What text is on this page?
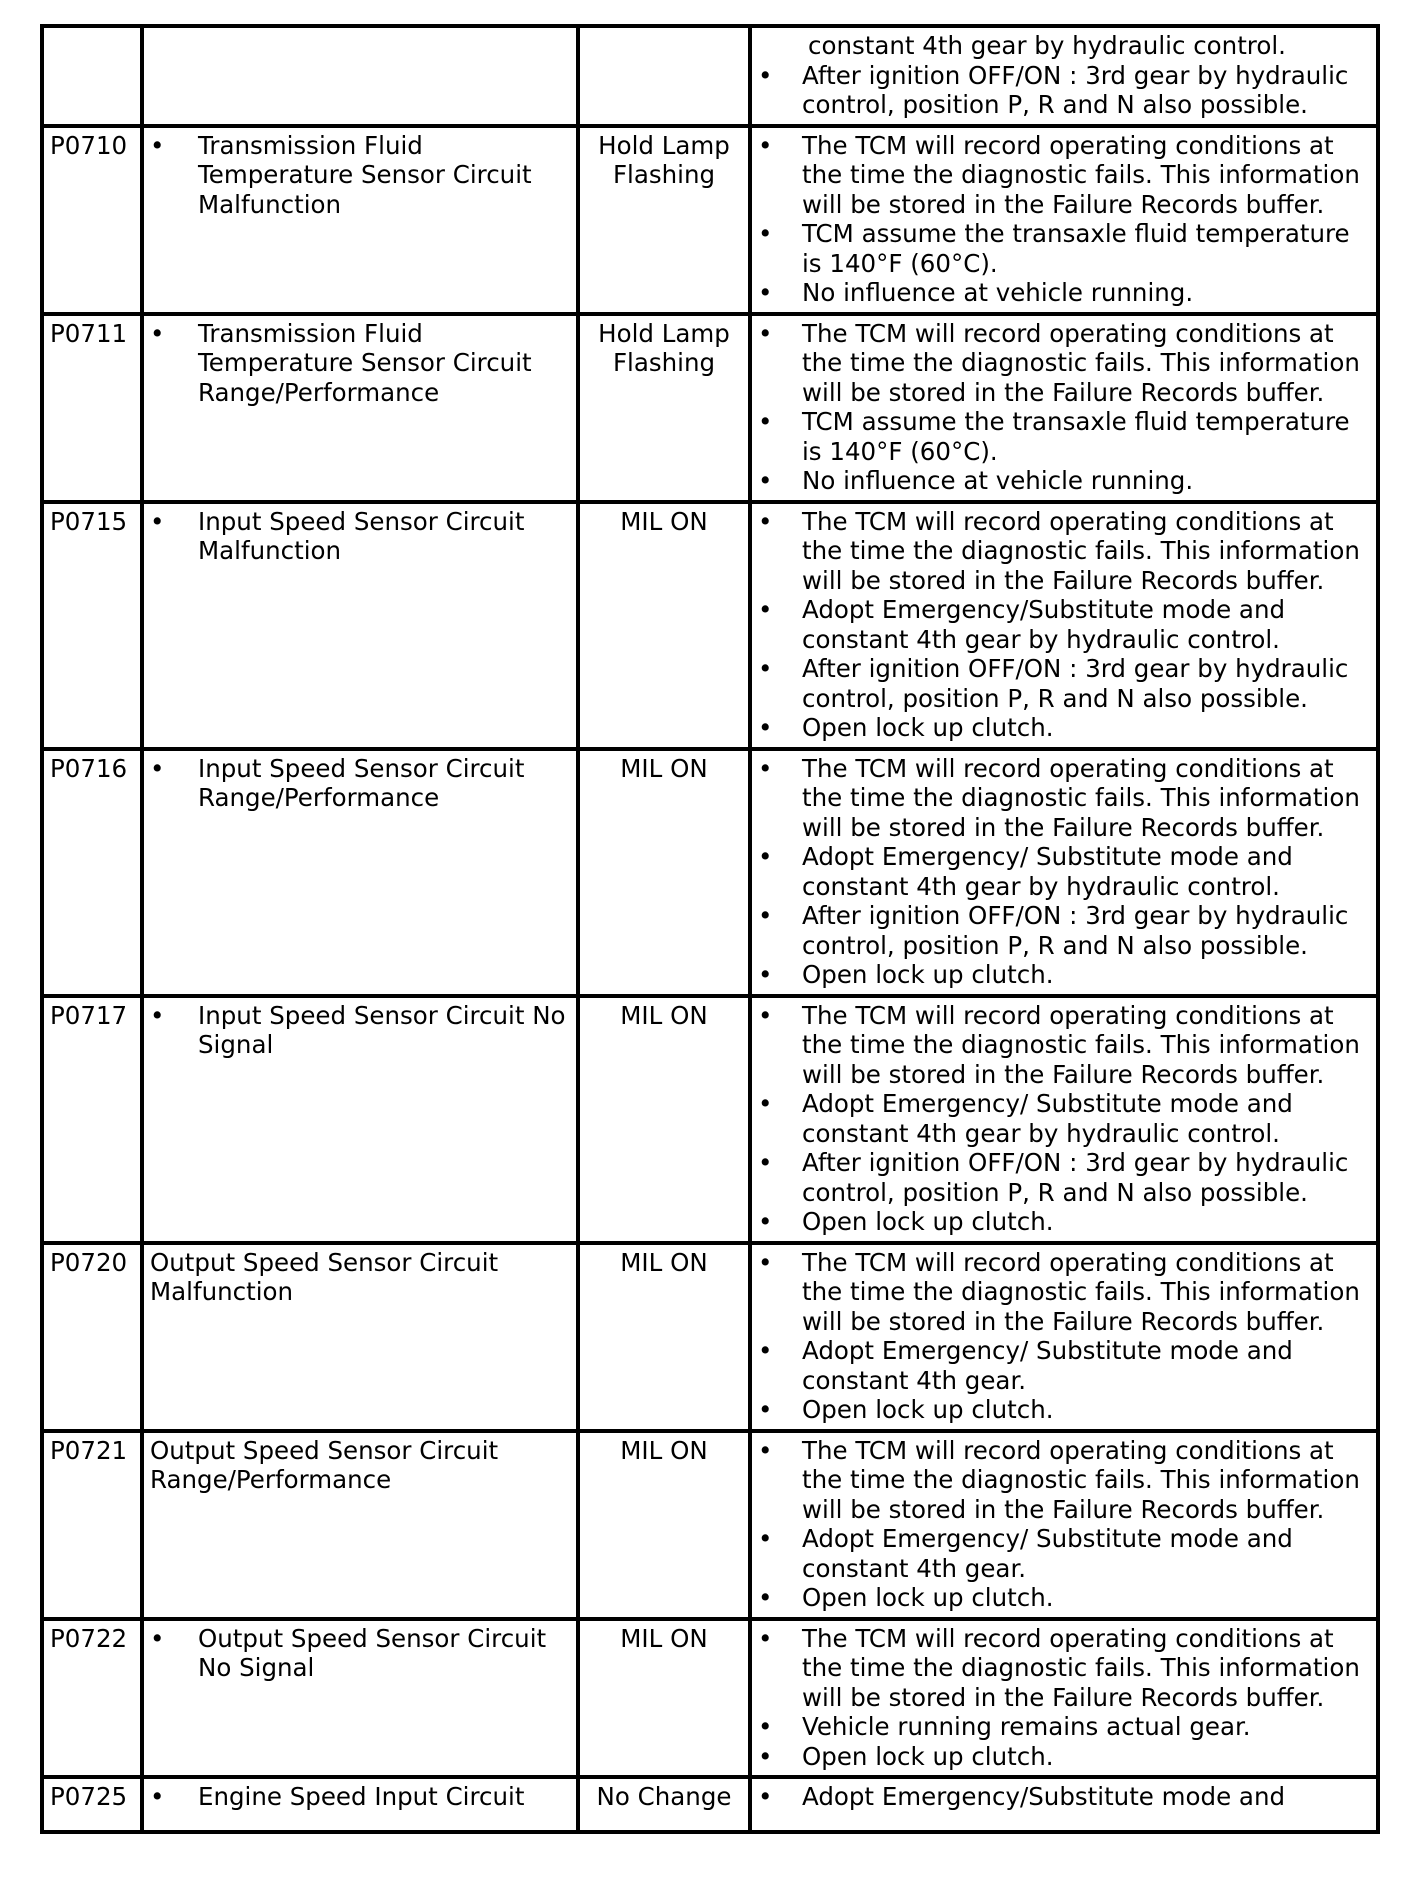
			constant 4th gear by hydraulic control.
• After ignition OFF/ON : 3rd gear by hydraulic control, position P, R and N also possible.

P0710	• Transmission Fluid Temperature Sensor Circuit Malfunction	Hold Lamp Flashing	• The TCM will record operating conditions at the time the diagnostic fails. This information will be stored in the Failure Records buffer.
• TCM assume the transaxle fluid temperature is 140°F (60°C).
• No influence at vehicle running.

P0711	• Transmission Fluid Temperature Sensor Circuit Range/Performance	Hold Lamp Flashing	• The TCM will record operating conditions at the time the diagnostic fails. This information will be stored in the Failure Records buffer.
• TCM assume the transaxle fluid temperature is 140°F (60°C).
• No influence at vehicle running.

P0715	• Input Speed Sensor Circuit Malfunction	MIL ON	• The TCM will record operating conditions at the time the diagnostic fails. This information will be stored in the Failure Records buffer.
• Adopt Emergency/Substitute mode and constant 4th gear by hydraulic control.
• After ignition OFF/ON : 3rd gear by hydraulic control, position P, R and N also possible.
• Open lock up clutch.

P0716	• Input Speed Sensor Circuit Range/Performance	MIL ON	• The TCM will record operating conditions at the time the diagnostic fails. This information will be stored in the Failure Records buffer.
• Adopt Emergency/ Substitute mode and constant 4th gear by hydraulic control.
• After ignition OFF/ON : 3rd gear by hydraulic control, position P, R and N also possible.
• Open lock up clutch.

P0717	• Input Speed Sensor Circuit No Signal	MIL ON	• The TCM will record operating conditions at the time the diagnostic fails. This information will be stored in the Failure Records buffer.
• Adopt Emergency/ Substitute mode and constant 4th gear by hydraulic control.
• After ignition OFF/ON : 3rd gear by hydraulic control, position P, R and N also possible.
• Open lock up clutch.

P0720	Output Speed Sensor Circuit Malfunction	MIL ON	• The TCM will record operating conditions at the time the diagnostic fails. This information will be stored in the Failure Records buffer.
• Adopt Emergency/ Substitute mode and constant 4th gear.
• Open lock up clutch.

P0721	Output Speed Sensor Circuit Range/Performance	MIL ON	• The TCM will record operating conditions at the time the diagnostic fails. This information will be stored in the Failure Records buffer.
• Adopt Emergency/ Substitute mode and constant 4th gear.
• Open lock up clutch.

P0722	• Output Speed Sensor Circuit No Signal	MIL ON	• The TCM will record operating conditions at the time the diagnostic fails. This information will be stored in the Failure Records buffer.
• Vehicle running remains actual gear.
• Open lock up clutch.

P0725	• Engine Speed Input Circuit	No Change	• Adopt Emergency/Substitute mode and
